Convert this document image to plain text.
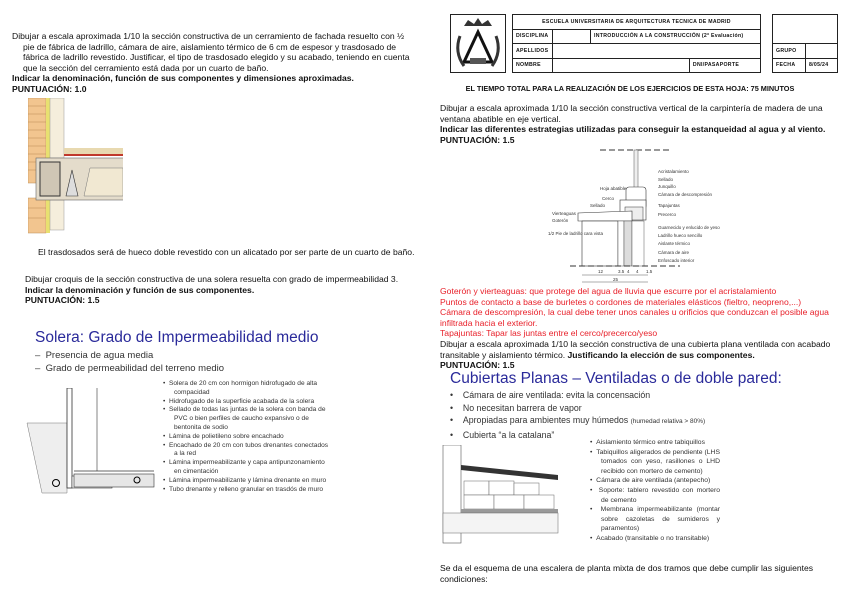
Dibujar a escala aproximada 1/10 la sección constructiva de un cerramiento de fachada resuelto con ½ pie de fábrica de ladrillo, cámara de aire, aislamiento térmico de 6 cm de espesor y trasdosado de fábrica de ladrillo revestido. Justificar, el tipo de trasdosado elegido y su acabado, teniendo en cuenta que la sección del cerramiento está dada por un cuarto de baño.
Indicar la denominación, función de sus componentes y dimensiones aproximadas.
PUNTUACIÓN: 1.0
El trasdosados será de hueco doble revestido con un alicatado por ser parte de un cuarto de baño.
Dibujar croquis de la sección constructiva de una solera resuelta con grado de impermeabilidad 3.
Indicar la denominación y función de sus componentes.
PUNTUACIÓN: 1.5
Solera: Grado de Impermeabilidad medio
–  Presencia de agua media
–  Grado de permeabilidad del terreno medio
•  Solera de 20 cm con hormigon hidrofugado de alta compacidad
•  Hidrofugado de la superficie acabada de la solera
•  Sellado de todas las juntas de la solera con banda de PVC o bien perfiles de caucho expansivo o de bentonita de sodio
•  Lámina de polietileno sobre encachado
•  Encachado de 20 cm con tubos drenantes conectados a la red
•  Lámina impermeabilizante y capa antipunzonamiento en cimentación
•  Lámina impermeabilizante y lámina drenante en muro
•  Tubo drenante y relleno granular en trasdós de muro
ESCUELA UNIVERSITARIA DE ARQUITECTURA TECNICA DE MADRID			
DISCIPLINA		INTRODUCCIÓN A LA CONSTRUCCIÓN (2ª Evaluación)	
APELLIDOS			
NOMBRE			DNI/PASAPORTE

GRUPO	
FECHA	8/05/24
EL TIEMPO TOTAL PARA LA REALIZACIÓN DE LOS EJERCICIOS DE ESTA HOJA: 75 MINUTOS
Dibujar a escala aproximada 1/10 la sección constructiva vertical de la carpintería de madera de una ventana abatible en eje vertical.
Indicar las diferentes estrategias utilizadas para conseguir la estanqueidad al agua y al viento.
PUNTUACIÓN: 1.5
Acristalamiento
Sellado
Junquillo
Cámara de descompresión
Tapajuntas
Precerco
Guarnecido y enlucido de yeso
Ladrillo hueco sencillo
Aislante térmico
Cámara de aire
Enfoscado interior
Hoja abatible
Cerco
Sellado
Vierteaguas
Goterón
1/2 Pie de ladrillo cara vista
12	3.5 4 4 1.5
25
Goterón y vierteaguas: que protege del agua de lluvia que escurre por el acristalamiento
Puntos de contacto a base de burletes o cordones de materiales elásticos (fieltro, neopreno,...)
Cámara de descompresión, la cual debe tener unos canales u orificios que conduzcan el posible agua infiltrada hacia el exterior.
Tapajuntas: Tapar las juntas entre el cerco/precerco/yeso
Dibujar a escala aproximada 1/10 la sección constructiva de una cubierta plana ventilada con acabado transitable y aislamiento térmico. Justificando la elección de sus componentes.
PUNTUACIÓN: 1.5
Cubiertas Planas – Ventiladas o de doble pared:
•    Cámara de aire ventilada: evita la concensación
•    No necesitan barrera de vapor
•    Apropiadas para ambientes muy húmedos (humedad relativa > 80%)
•    Cubierta “a la catalana”
•  Aislamiento térmico entre tabiquillos
•  Tabiquillos aligerados de pendiente (LHS tomados con yeso, rasillones o LHD recibido con mortero de cemento)
•  Cámara de aire ventilada (antepecho)
•  Soporte: tablero revestido con mortero de cemento
•  Membrana impermeabilizante (montar sobre cazoletas de sumideros y paramentos)
•  Acabado (transitable o no transitable)
Se da el esquema de una escalera de planta mixta de dos tramos que debe cumplir las siguientes condiciones:
